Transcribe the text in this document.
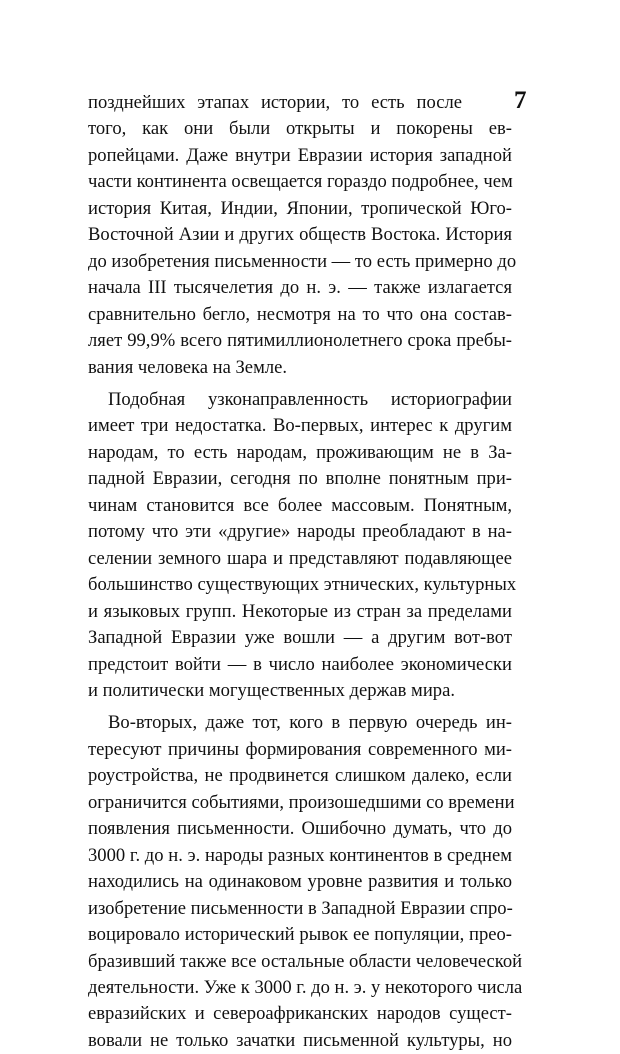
7
позднейших этапах истории, то есть после
того, как они были открыты и покорены ев-
ропейцами. Даже внутри Евразии история западной
части континента освещается гораздо подробнее, чем
история Китая, Индии, Японии, тропической Юго-
Восточной Азии и других обществ Востока. История
до изобретения письменности — то есть примерно до
начала III тысячелетия до н. э. — также излагается
сравнительно бегло, несмотря на то что она состав-
ляет 99,9% всего пятимиллионолетнего срока пребы-
вания человека на Земле.
Подобная узконаправленность историографии
имеет три недостатка. Во-первых, интерес к другим
народам, то есть народам, проживающим не в За-
падной Евразии, сегодня по вполне понятным при-
чинам становится все более массовым. Понятным,
потому что эти «другие» народы преобладают в на-
селении земного шара и представляют подавляющее
большинство существующих этнических, культурных
и языковых групп. Некоторые из стран за пределами
Западной Евразии уже вошли — а другим вот-вот
предстоит войти — в число наиболее экономически
и политически могущественных держав мира.
Во-вторых, даже тот, кого в первую очередь ин-
тересуют причины формирования современного ми-
роустройства, не продвинется слишком далеко, если
ограничится событиями, произошедшими со времени
появления письменности. Ошибочно думать, что до
3000 г. до н. э. народы разных континентов в среднем
находились на одинаковом уровне развития и только
изобретение письменности в Западной Евразии спро-
воцировало исторический рывок ее популяции, прео-
бразивший также все остальные области человеческой
деятельности. Уже к 3000 г. до н. э. у некоторого числа
евразийских и североафриканских народов сущест-
вовали не только зачатки письменной культуры, но
